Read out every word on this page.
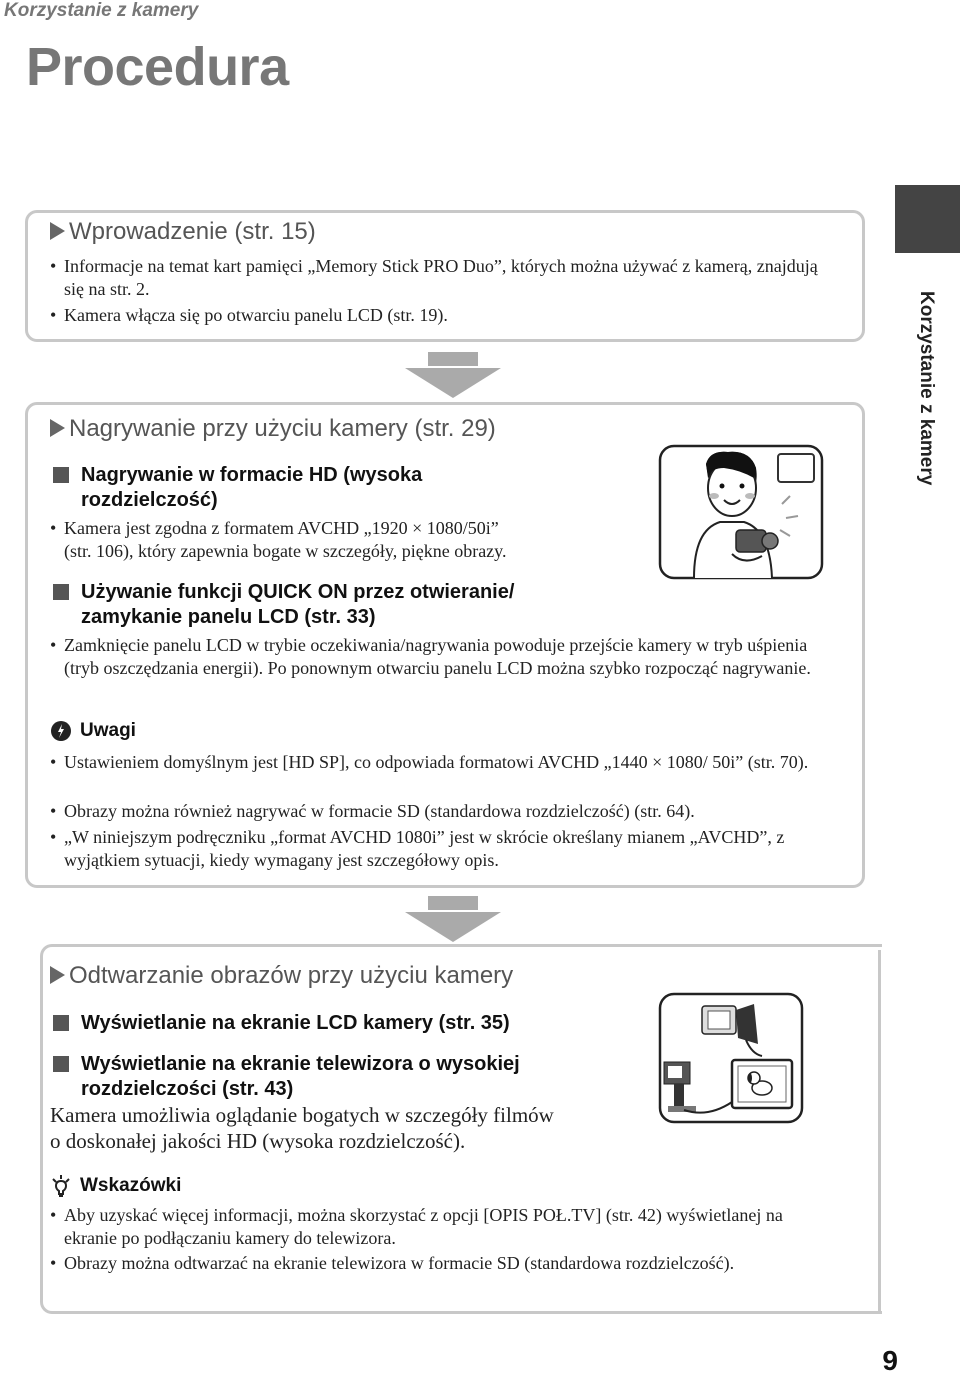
Korzystanie z kamery
Procedura
Korzystanie z kamery
Wprowadzenie (str. 15)
• Informacje na temat kart pamięci „Memory Stick PRO Duo”, których można używać z kamerą, znajdują się na str. 2.
• Kamera włącza się po otwarciu panelu LCD (str. 19).
Nagrywanie przy użyciu kamery (str. 29)
Nagrywanie w formacie HD (wysoka
rozdzielczość)
• Kamera jest zgodna z formatem AVCHD „1920 × 1080/50i”
(str. 106), który zapewnia bogate w szczegóły, piękne obrazy.
Używanie funkcji QUICK ON przez otwieranie/
zamykanie panelu LCD (str. 33)
• Zamknięcie panelu LCD w trybie oczekiwania/nagrywania powoduje przejście kamery w tryb uśpienia (tryb oszczędzania energii). Po ponownym otwarciu panelu LCD można szybko rozpocząć nagrywanie.
Uwagi
• Ustawieniem domyślnym jest [HD SP], co odpowiada formatowi AVCHD „1440 × 1080/ 50i” (str. 70).
• Obrazy można również nagrywać w formacie SD (standardowa rozdzielczość) (str. 64).
• „W niniejszym podręczniku „format AVCHD 1080i” jest w skrócie określany mianem „AVCHD”, z wyjątkiem sytuacji, kiedy wymagany jest szczegółowy opis.
Odtwarzanie obrazów przy użyciu kamery
Wyświetlanie na ekranie LCD kamery (str. 35)
Wyświetlanie na ekranie telewizora o wysokiej
rozdzielczości (str. 43)
Kamera umożliwia oglądanie bogatych w szczegóły filmów
o doskonałej jakości HD (wysoka rozdzielczość).
Wskazówki
• Aby uzyskać więcej informacji, można skorzystać z opcji [OPIS POŁ.TV] (str. 42) wyświetlanej na ekranie po podłączaniu kamery do telewizora.
• Obrazy można odtwarzać na ekranie telewizora w formacie SD (standardowa rozdzielczość).
9
